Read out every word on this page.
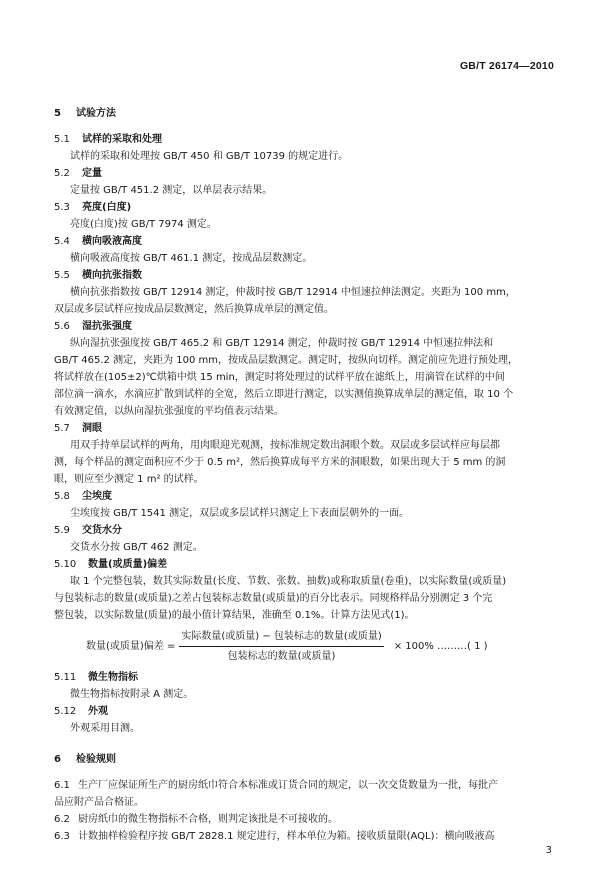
GB/T 26174—2010
5	试验方法
5.1	试样的采取和处理

试样的采取和处理按 GB/T 450 和 GB/T 10739 的规定进行。

5.2	定量

定量按 GB/T 451.2 测定，以单层表示结果。

5.3	亮度(白度)

亮度(白度)按 GB/T 7974 测定。

5.4	横向吸液高度

横向吸液高度按 GB/T 461.1 测定，按成品层数测定。

5.5	横向抗张指数

横向抗张指数按 GB/T 12914 测定，仲裁时按 GB/T 12914 中恒速拉伸法测定。夹距为 100 mm，

双层或多层试样应按成品层数测定，然后换算成单层的测定值。

5.6	湿抗张强度

纵向湿抗张强度按 GB/T 465.2 和 GB/T 12914 测定，仲裁时按 GB/T 12914 中恒速拉伸法和

GB/T 465.2 测定，夹距为 100 mm，按成品层数测定。测定时，按纵向切样。测定前应先进行预处理，

将试样放在(105±2)℃烘箱中烘 15 min，测定时将处理过的试样平放在滤纸上，用滴管在试样的中间

部位滴一滴水，水滴应扩散到试样的全宽，然后立即进行测定，以实测值换算成单层的测定值，取 10 个

有效测定值，以纵向湿抗张强度的平均值表示结果。

5.7	洞眼

用双手持单层试样的两角，用肉眼迎光观测，按标准规定数出洞眼个数。双层或多层试样应每层都

测，每个样品的测定面积应不少于 0.5 m²，然后换算成每平方米的洞眼数，如果出现大于 5 mm 的洞

眼，则应至少测定 1 m² 的试样。

5.8	尘埃度

尘埃度按 GB/T 1541 测定，双层或多层试样只测定上下表面层朝外的一面。

5.9	交货水分

交货水分按 GB/T 462 测定。

5.10	数量(或质量)偏差

取 1 个完整包装，数其实际数量(长度、节数、张数、抽数)或称取质量(卷重)，以实际数量(或质量)

与包装标志的数量(或质量)之差占包装标志数量(或质量)的百分比表示。同规格样品分别测定 3 个完

整包装，以实际数量(质量)的最小值计算结果，准确至 0.1%。计算方法见式(1)。

数量(或质量)偏差 = $\frac{\text{实际数量(或质量) − 包装标志的数量(或质量)}}{\text{包装标志的数量(或质量)}} \times 100\%$ ………( 1 )
5.11	微生物指标

微生物指标按附录 A 测定。

5.12	外观

外观采用目测。

6	检验规则
6.1 生产厂应保证所生产的厨房纸巾符合本标准或订货合同的规定，以一次交货数量为一批，每批产

品应附产品合格证。

6.2 厨房纸巾的微生物指标不合格，则判定该批是不可接收的。
6.3 计数抽样检验程序按 GB/T 2828.1 规定进行，样本单位为箱。接收质量限(AQL)：横向吸液高
3
